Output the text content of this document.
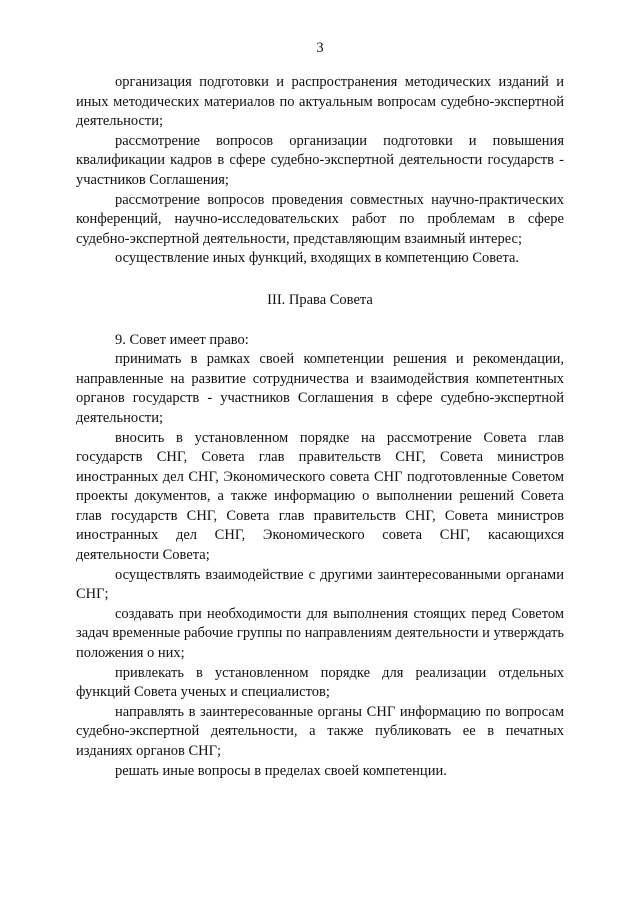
3

организация подготовки и распространения методических изданий и иных методических материалов по актуальным вопросам судебно-экспертной деятельности;

рассмотрение вопросов организации подготовки и повышения квалификации кадров в сфере судебно-экспертной деятельности государств - участников Соглашения;

рассмотрение вопросов проведения совместных научно-практических конференций, научно-исследовательских работ по проблемам в сфере судебно-экспертной деятельности, представляющим взаимный интерес;

осуществление иных функций, входящих в компетенцию Совета.

III. Права Совета

9. Совет имеет право:

принимать в рамках своей компетенции решения и рекомендации, направленные на развитие сотрудничества и взаимодействия компетентных органов государств - участников Соглашения в сфере судебно-экспертной деятельности;

вносить в установленном порядке на рассмотрение Совета глав государств СНГ, Совета глав правительств СНГ, Совета министров иностранных дел СНГ, Экономического совета СНГ подготовленные Советом проекты документов, а также информацию о выполнении решений Совета глав государств СНГ, Совета глав правительств СНГ, Совета министров иностранных дел СНГ, Экономического совета СНГ, касающихся деятельности Совета;

осуществлять взаимодействие с другими заинтересованными органами СНГ;

создавать при необходимости для выполнения стоящих перед Советом задач временные рабочие группы по направлениям деятельности и утверждать положения о них;

привлекать в установленном порядке для реализации отдельных функций Совета ученых и специалистов;

направлять в заинтересованные органы СНГ информацию по вопросам судебно-экспертной деятельности, а также публиковать ее в печатных изданиях органов СНГ;

решать иные вопросы в пределах своей компетенции.
